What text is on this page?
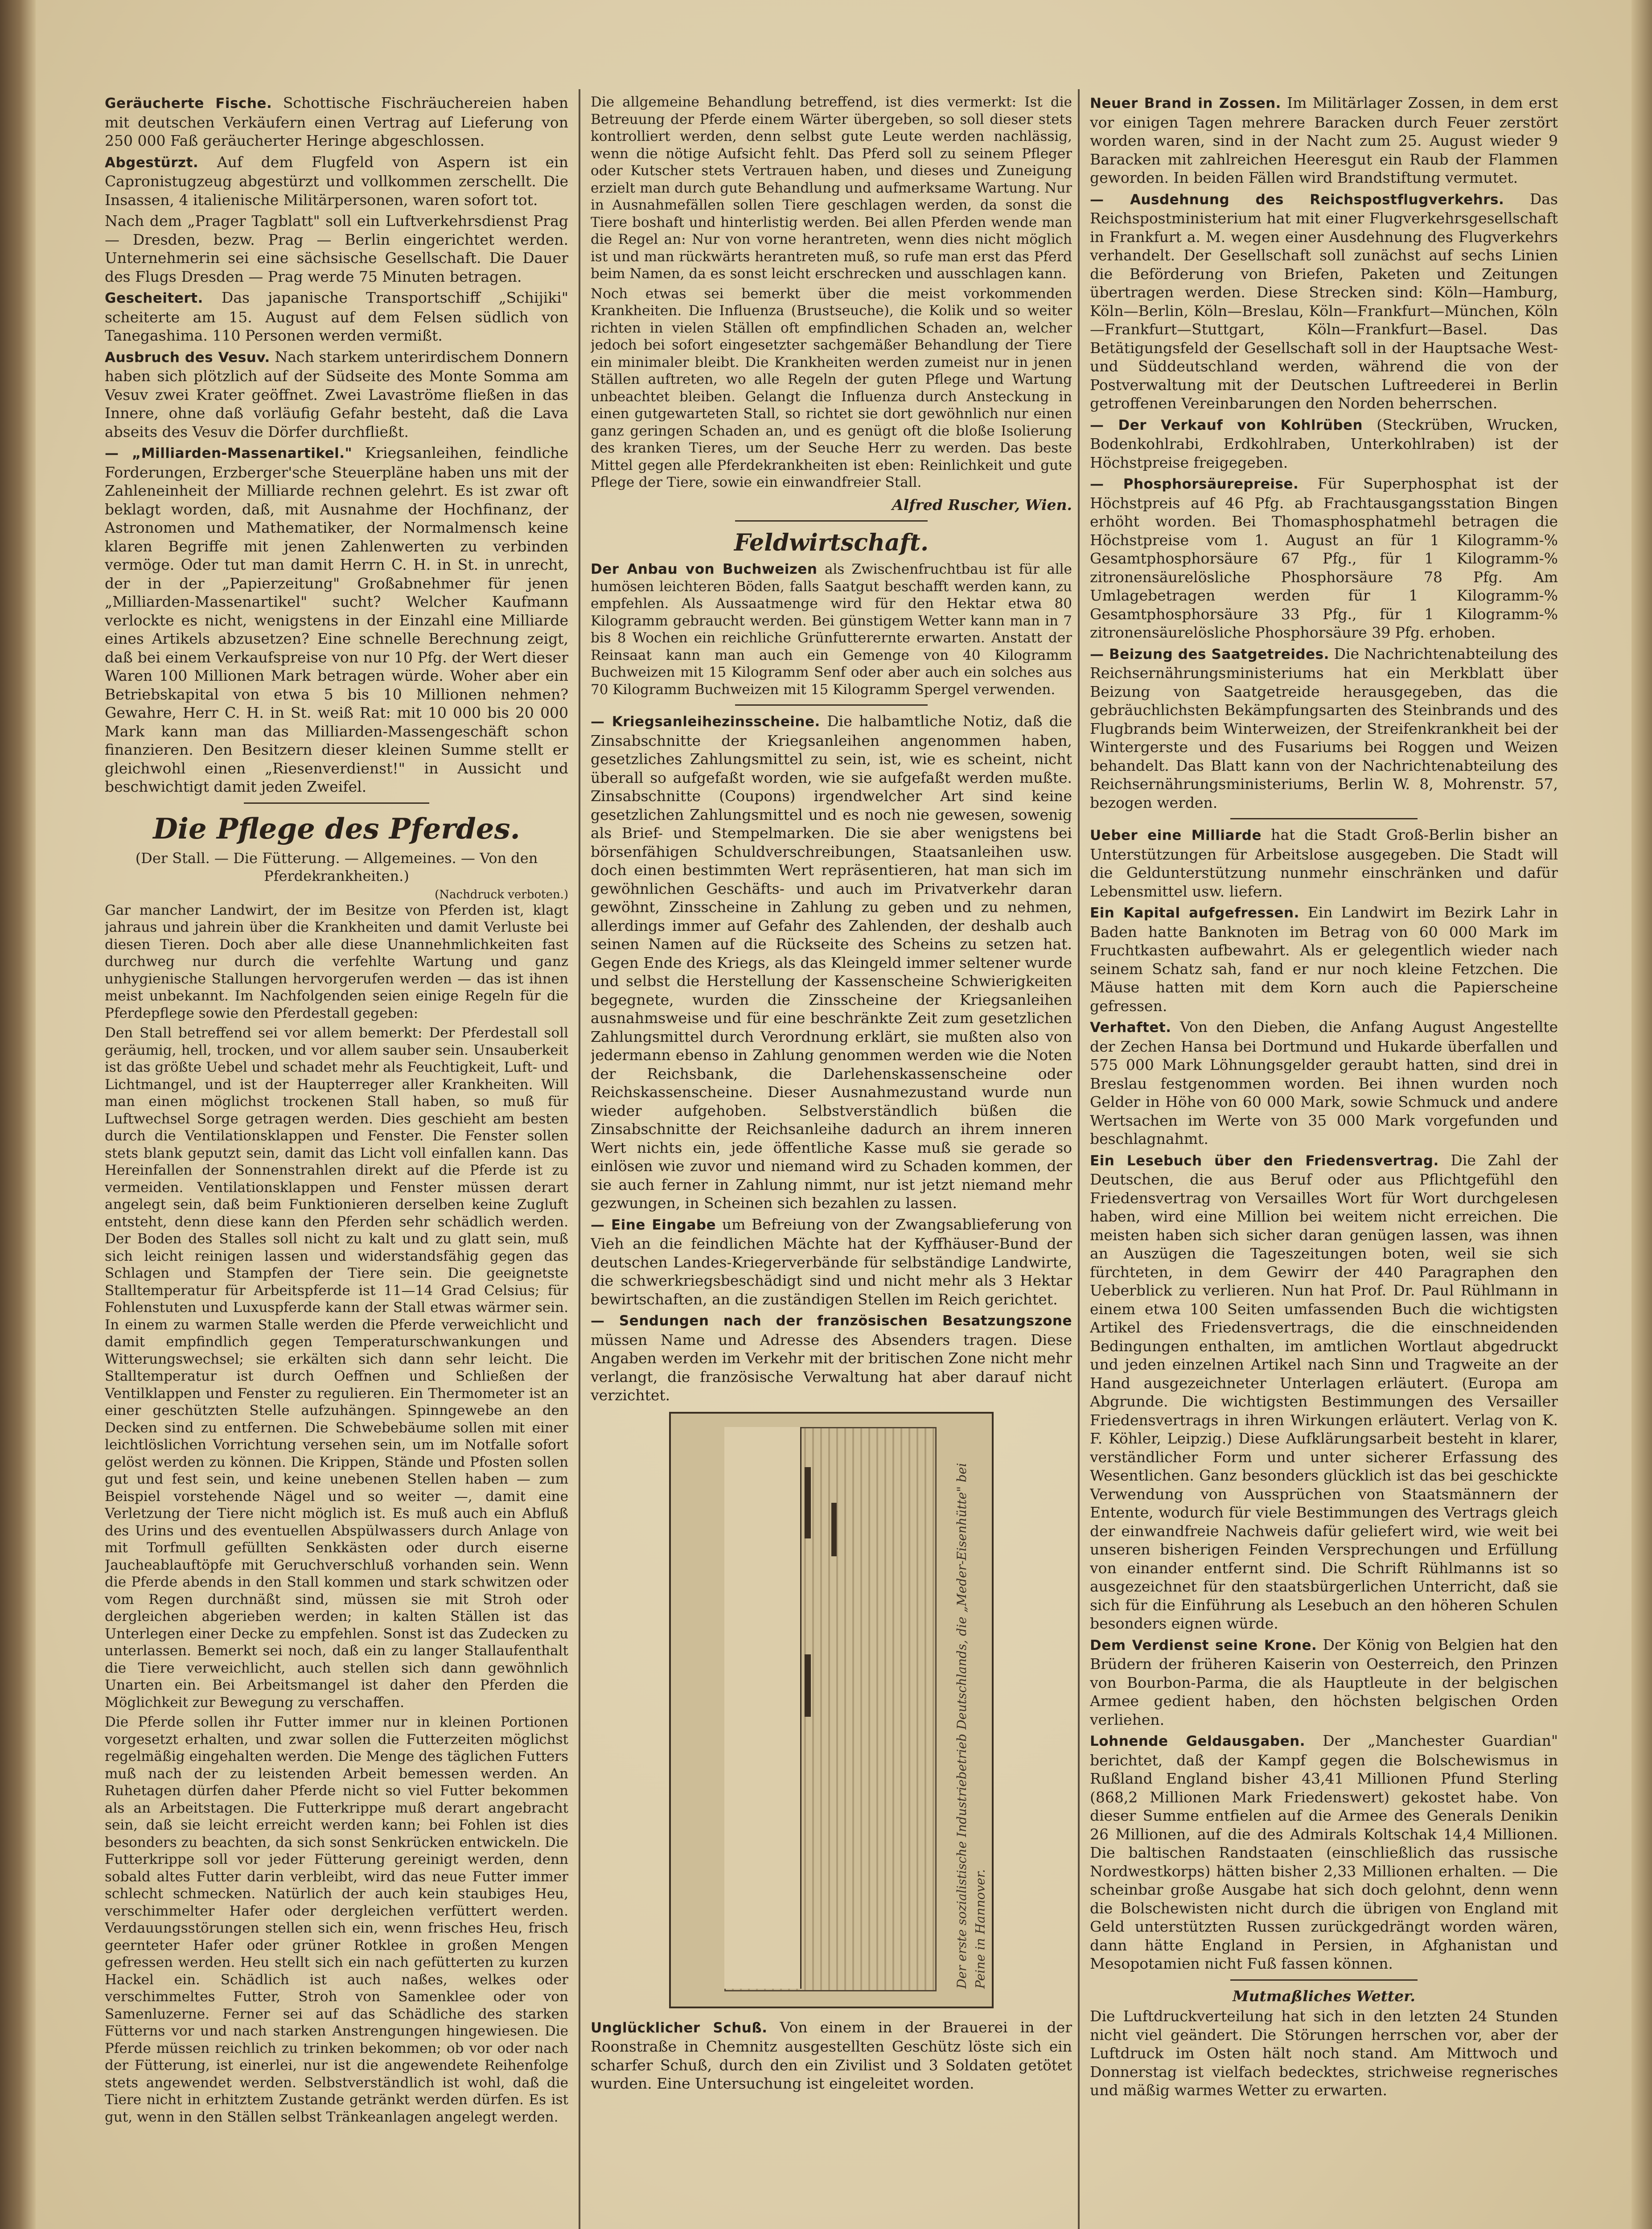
Geräucherte Fische. Schottische Fischräuchereien haben mit deutschen Verkäufern einen Vertrag auf Lieferung von 250 000 Faß geräucherter Heringe abgeschlossen.

Abgestürzt. Auf dem Flugfeld von Aspern ist ein Capronistugzeug abgestürzt und vollkommen zerschellt. Die Insassen, 4 italienische Militärpersonen, waren sofort tot.

Nach dem „Prager Tagblatt" soll ein Luftverkehrsdienst Prag — Dresden, bezw. Prag — Berlin eingerichtet werden. Unternehmerin sei eine sächsische Gesellschaft. Die Dauer des Flugs Dresden — Prag werde 75 Minuten betragen.

Gescheitert. Das japanische Transportschiff „Schijiki" scheiterte am 15. August auf dem Felsen südlich von Tanegashima. 110 Personen werden vermißt.

Ausbruch des Vesuv. Nach starkem unterirdischem Donnern haben sich plötzlich auf der Südseite des Monte Somma am Vesuv zwei Krater geöffnet. Zwei Lavaströme fließen in das Innere, ohne daß vorläufig Gefahr besteht, daß die Lava abseits des Vesuv die Dörfer durchfließt.

— „Milliarden-Massenartikel." Kriegsanleihen, feindliche Forderungen, Erzberger'sche Steuerpläne haben uns mit der Zahleneinheit der Milliarde rechnen gelehrt. Es ist zwar oft beklagt worden, daß, mit Ausnahme der Hochfinanz, der Astronomen und Mathematiker, der Normalmensch keine klaren Begriffe mit jenen Zahlenwerten zu verbinden vermöge. Oder tut man damit Herrn C. H. in St. in unrecht, der in der „Papierzeitung" Großabnehmer für jenen „Milliarden-Massenartikel" sucht? Welcher Kaufmann verlockte es nicht, wenigstens in der Einzahl eine Milliarde eines Artikels abzusetzen? Eine schnelle Berechnung zeigt, daß bei einem Verkaufspreise von nur 10 Pfg. der Wert dieser Waren 100 Millionen Mark betragen würde. Woher aber ein Betriebskapital von etwa 5 bis 10 Millionen nehmen? Gewahre, Herr C. H. in St. weiß Rat: mit 10 000 bis 20 000 Mark kann man das Milliarden-Massengeschäft schon finanzieren. Den Besitzern dieser kleinen Summe stellt er gleichwohl einen „Riesenverdienst!" in Aussicht und beschwichtigt damit jeden Zweifel.

Die Pflege des Pferdes.
(Der Stall. — Die Fütterung. — Allgemeines. — Von den Pferdekrankheiten.)
(Nachdruck verboten.)

Gar mancher Landwirt, der im Besitze von Pferden ist, klagt jahraus und jahrein über die Krankheiten und damit Verluste bei diesen Tieren. Doch aber alle diese Unannehmlichkeiten fast durchweg nur durch die verfehlte Wartung und ganz unhygienische Stallungen hervorgerufen werden — das ist ihnen meist unbekannt. Im Nachfolgenden seien einige Regeln für die Pferdepflege sowie den Pferdestall gegeben:

Den Stall betreffend sei vor allem bemerkt: Der Pferdestall soll geräumig, hell, trocken, und vor allem sauber sein. Unsauberkeit ist das größte Uebel und schadet mehr als Feuchtigkeit, Luft- und Lichtmangel, und ist der Haupterreger aller Krankheiten. Will man einen möglichst trockenen Stall haben, so muß für Luftwechsel Sorge getragen werden. Dies geschieht am besten durch die Ventilationsklappen und Fenster. Die Fenster sollen stets blank geputzt sein, damit das Licht voll einfallen kann. Das Hereinfallen der Sonnenstrahlen direkt auf die Pferde ist zu vermeiden. Ventilationsklappen und Fenster müssen derart angelegt sein, daß beim Funktionieren derselben keine Zugluft entsteht, denn diese kann den Pferden sehr schädlich werden. Der Boden des Stalles soll nicht zu kalt und zu glatt sein, muß sich leicht reinigen lassen und widerstandsfähig gegen das Schlagen und Stampfen der Tiere sein. Die geeignetste Stalltemperatur für Arbeitspferde ist 11—14 Grad Celsius; für Fohlenstuten und Luxuspferde kann der Stall etwas wärmer sein. In einem zu warmen Stalle werden die Pferde verweichlicht und damit empfindlich gegen Temperaturschwankungen und Witterungswechsel; sie erkälten sich dann sehr leicht. Die Stalltemperatur ist durch Oeffnen und Schließen der Ventilklappen und Fenster zu regulieren. Ein Thermometer ist an einer geschützten Stelle aufzuhängen. Spinngewebe an den Decken sind zu entfernen. Die Schwebebäume sollen mit einer leichtlöslichen Vorrichtung versehen sein, um im Notfalle sofort gelöst werden zu können. Die Krippen, Stände und Pfosten sollen gut und fest sein, und keine unebenen Stellen haben — zum Beispiel vorstehende Nägel und so weiter —, damit eine Verletzung der Tiere nicht möglich ist. Es muß auch ein Abfluß des Urins und des eventuellen Abspülwassers durch Anlage von mit Torfmull gefüllten Senkkästen oder durch eiserne Jaucheablauftöpfe mit Geruchverschluß vorhanden sein. Wenn die Pferde abends in den Stall kommen und stark schwitzen oder vom Regen durchnäßt sind, müssen sie mit Stroh oder dergleichen abgerieben werden; in kalten Ställen ist das Unterlegen einer Decke zu empfehlen. Sonst ist das Zudecken zu unterlassen. Bemerkt sei noch, daß ein zu langer Stallaufenthalt die Tiere verweichlicht, auch stellen sich dann gewöhnlich Unarten ein. Bei Arbeitsmangel ist daher den Pferden die Möglichkeit zur Bewegung zu verschaffen.

Die Pferde sollen ihr Futter immer nur in kleinen Portionen vorgesetzt erhalten, und zwar sollen die Futterzeiten möglichst regelmäßig eingehalten werden. Die Menge des täglichen Futters muß nach der zu leistenden Arbeit bemessen werden. An Ruhetagen dürfen daher Pferde nicht so viel Futter bekommen als an Arbeitstagen. Die Futterkrippe muß derart angebracht sein, daß sie leicht erreicht werden kann; bei Fohlen ist dies besonders zu beachten, da sich sonst Senkrücken entwickeln. Die Futterkrippe soll vor jeder Fütterung gereinigt werden, denn sobald altes Futter darin verbleibt, wird das neue Futter immer schlecht schmecken. Natürlich der auch kein staubiges Heu, verschimmelter Hafer oder dergleichen verfüttert werden. Verdauungsstörungen stellen sich ein, wenn frisches Heu, frisch geernteter Hafer oder grüner Rotklee in großen Mengen gefressen werden. Heu stellt sich ein nach gefütterten zu kurzen Hackel ein. Schädlich ist auch naßes, welkes oder verschimmeltes Futter, Stroh von Samenklee oder von Samenluzerne. Ferner sei auf das Schädliche des starken Fütterns vor und nach starken Anstrengungen hingewiesen. Die Pferde müssen reichlich zu trinken bekommen; ob vor oder nach der Fütterung, ist einerlei, nur ist die angewendete Reihenfolge stets angewendet werden. Selbstverständlich ist wohl, daß die Tiere nicht in erhitztem Zustande getränkt werden dürfen. Es ist gut, wenn in den Ställen selbst Tränkeanlagen angelegt werden.

Die allgemeine Behandlung betreffend, ist dies vermerkt: Ist die Betreuung der Pferde einem Wärter übergeben, so soll dieser stets kontrolliert werden, denn selbst gute Leute werden nachlässig, wenn die nötige Aufsicht fehlt. Das Pferd soll zu seinem Pfleger oder Kutscher stets Vertrauen haben, und dieses und Zuneigung erzielt man durch gute Behandlung und aufmerksame Wartung. Nur in Ausnahmefällen sollen Tiere geschlagen werden, da sonst die Tiere boshaft und hinterlistig werden. Bei allen Pferden wende man die Regel an: Nur von vorne herantreten, wenn dies nicht möglich ist und man rückwärts herantreten muß, so rufe man erst das Pferd beim Namen, da es sonst leicht erschrecken und ausschlagen kann.

Noch etwas sei bemerkt über die meist vorkommenden Krankheiten. Die Influenza (Brustseuche), die Kolik und so weiter richten in vielen Ställen oft empfindlichen Schaden an, welcher jedoch bei sofort eingesetzter sachgemäßer Behandlung der Tiere ein minimaler bleibt. Die Krankheiten werden zumeist nur in jenen Ställen auftreten, wo alle Regeln der guten Pflege und Wartung unbeachtet bleiben. Gelangt die Influenza durch Ansteckung in einen gutgewarteten Stall, so richtet sie dort gewöhnlich nur einen ganz geringen Schaden an, und es genügt oft die bloße Isolierung des kranken Tieres, um der Seuche Herr zu werden. Das beste Mittel gegen alle Pferdekrankheiten ist eben: Reinlichkeit und gute Pflege der Tiere, sowie ein einwandfreier Stall.

Alfred Ruscher, Wien.
Feldwirtschaft.

Der Anbau von Buchweizen als Zwischenfruchtbau ist für alle humösen leichteren Böden, falls Saatgut beschafft werden kann, zu empfehlen. Als Aussaatmenge wird für den Hektar etwa 80 Kilogramm gebraucht werden. Bei günstigem Wetter kann man in 7 bis 8 Wochen ein reichliche Grünfutterernte erwarten. Anstatt der Reinsaat kann man auch ein Gemenge von 40 Kilogramm Buchweizen mit 15 Kilogramm Senf oder aber auch ein solches aus 70 Kilogramm Buchweizen mit 15 Kilogramm Spergel verwenden.

— Kriegsanleihezinsscheine. Die halbamtliche Notiz, daß die Zinsabschnitte der Kriegsanleihen angenommen haben, gesetzliches Zahlungsmittel zu sein, ist, wie es scheint, nicht überall so aufgefaßt worden, wie sie aufgefaßt werden mußte. Zinsabschnitte (Coupons) irgendwelcher Art sind keine gesetzlichen Zahlungsmittel und es noch nie gewesen, sowenig als Brief- und Stempelmarken. Die sie aber wenigstens bei börsenfähigen Schuldverschreibungen, Staatsanleihen usw. doch einen bestimmten Wert repräsentieren, hat man sich im gewöhnlichen Geschäfts- und auch im Privatverkehr daran gewöhnt, Zinsscheine in Zahlung zu geben und zu nehmen, allerdings immer auf Gefahr des Zahlenden, der deshalb auch seinen Namen auf die Rückseite des Scheins zu setzen hat. Gegen Ende des Kriegs, als das Kleingeld immer seltener wurde und selbst die Herstellung der Kassenscheine Schwierigkeiten begegnete, wurden die Zinsscheine der Kriegsanleihen ausnahmsweise und für eine beschränkte Zeit zum gesetzlichen Zahlungsmittel durch Verordnung erklärt, sie mußten also von jedermann ebenso in Zahlung genommen werden wie die Noten der Reichsbank, die Darlehenskassenscheine oder Reichskassenscheine. Dieser Ausnahmezustand wurde nun wieder aufgehoben. Selbstverständlich büßen die Zinsabschnitte der Reichsanleihe dadurch an ihrem inneren Wert nichts ein, jede öffentliche Kasse muß sie gerade so einlösen wie zuvor und niemand wird zu Schaden kommen, der sie auch ferner in Zahlung nimmt, nur ist jetzt niemand mehr gezwungen, in Scheinen sich bezahlen zu lassen.

— Eine Eingabe um Befreiung von der Zwangsablieferung von Vieh an die feindlichen Mächte hat der Kyffhäuser-Bund der deutschen Landes-Kriegerverbände für selbständige Landwirte, die schwerkriegsbeschädigt sind und nicht mehr als 3 Hektar bewirtschaften, an die zuständigen Stellen im Reich gerichtet.

— Sendungen nach der französischen Besatzungszone müssen Name und Adresse des Absenders tragen. Diese Angaben werden im Verkehr mit der britischen Zone nicht mehr verlangt, die französische Verwaltung hat aber darauf nicht verzichtet.

Der erste sozialistische Industriebetrieb Deutschlands, die „Meder-Eisenhütte" bei Peine in Hannover.

Unglücklicher Schuß. Von einem in der Brauerei in der Roonstraße in Chemnitz ausgestellten Geschütz löste sich ein scharfer Schuß, durch den ein Zivilist und 3 Soldaten getötet wurden. Eine Untersuchung ist eingeleitet worden.

Neuer Brand in Zossen. Im Militärlager Zossen, in dem erst vor einigen Tagen mehrere Baracken durch Feuer zerstört worden waren, sind in der Nacht zum 25. August wieder 9 Baracken mit zahlreichen Heeresgut ein Raub der Flammen geworden. In beiden Fällen wird Brandstiftung vermutet.

— Ausdehnung des Reichspostflugverkehrs. Das Reichspostministerium hat mit einer Flugverkehrsgesellschaft in Frankfurt a. M. wegen einer Ausdehnung des Flugverkehrs verhandelt. Der Gesellschaft soll zunächst auf sechs Linien die Beförderung von Briefen, Paketen und Zeitungen übertragen werden. Diese Strecken sind: Köln—Hamburg, Köln—Berlin, Köln—Breslau, Köln—Frankfurt—München, Köln—Frankfurt—Stuttgart, Köln—Frankfurt—Basel. Das Betätigungsfeld der Gesellschaft soll in der Hauptsache West- und Süddeutschland werden, während die von der Postverwaltung mit der Deutschen Luftreederei in Berlin getroffenen Vereinbarungen den Norden beherrschen.

— Der Verkauf von Kohlrüben (Steckrüben, Wrucken, Bodenkohlrabi, Erdkohlraben, Unterkohlraben) ist der Höchstpreise freigegeben.

— Phosphorsäurepreise. Für Superphosphat ist der Höchstpreis auf 46 Pfg. ab Frachtausgangsstation Bingen erhöht worden. Bei Thomasphosphatmehl betragen die Höchstpreise vom 1. August an für 1 Kilogramm-% Gesamtphosphorsäure 67 Pfg., für 1 Kilogramm-% zitronensäurelösliche Phosphorsäure 78 Pfg. Am Umlagebetragen werden für 1 Kilogramm-% Gesamtphosphorsäure 33 Pfg., für 1 Kilogramm-% zitronensäurelösliche Phosphorsäure 39 Pfg. erhoben.

— Beizung des Saatgetreides. Die Nachrichtenabteilung des Reichsernährungsministeriums hat ein Merkblatt über Beizung von Saatgetreide herausgegeben, das die gebräuchlichsten Bekämpfungsarten des Steinbrands und des Flugbrands beim Winterweizen, der Streifenkrankheit bei der Wintergerste und des Fusariums bei Roggen und Weizen behandelt. Das Blatt kann von der Nachrichtenabteilung des Reichsernährungsministeriums, Berlin W. 8, Mohrenstr. 57, bezogen werden.

Ueber eine Milliarde hat die Stadt Groß-Berlin bisher an Unterstützungen für Arbeitslose ausgegeben. Die Stadt will die Geldunterstützung nunmehr einschränken und dafür Lebensmittel usw. liefern.

Ein Kapital aufgefressen. Ein Landwirt im Bezirk Lahr in Baden hatte Banknoten im Betrag von 60 000 Mark im Fruchtkasten aufbewahrt. Als er gelegentlich wieder nach seinem Schatz sah, fand er nur noch kleine Fetzchen. Die Mäuse hatten mit dem Korn auch die Papierscheine gefressen.

Verhaftet. Von den Dieben, die Anfang August Angestellte der Zechen Hansa bei Dortmund und Hukarde überfallen und 575 000 Mark Löhnungsgelder geraubt hatten, sind drei in Breslau festgenommen worden. Bei ihnen wurden noch Gelder in Höhe von 60 000 Mark, sowie Schmuck und andere Wertsachen im Werte von 35 000 Mark vorgefunden und beschlagnahmt.

Ein Lesebuch über den Friedensvertrag. Die Zahl der Deutschen, die aus Beruf oder aus Pflichtgefühl den Friedensvertrag von Versailles Wort für Wort durchgelesen haben, wird eine Million bei weitem nicht erreichen. Die meisten haben sich sicher daran genügen lassen, was ihnen an Auszügen die Tageszeitungen boten, weil sie sich fürchteten, in dem Gewirr der 440 Paragraphen den Ueberblick zu verlieren. Nun hat Prof. Dr. Paul Rühlmann in einem etwa 100 Seiten umfassenden Buch die wichtigsten Artikel des Friedensvertrags, die die einschneidenden Bedingungen enthalten, im amtlichen Wortlaut abgedruckt und jeden einzelnen Artikel nach Sinn und Tragweite an der Hand ausgezeichneter Unterlagen erläutert. (Europa am Abgrunde. Die wichtigsten Bestimmungen des Versailler Friedensvertrags in ihren Wirkungen erläutert. Verlag von K. F. Köhler, Leipzig.) Diese Aufklärungsarbeit besteht in klarer, verständlicher Form und unter sicherer Erfassung des Wesentlichen. Ganz besonders glücklich ist das bei geschickte Verwendung von Aussprüchen von Staatsmännern der Entente, wodurch für viele Bestimmungen des Vertrags gleich der einwandfreie Nachweis dafür geliefert wird, wie weit bei unseren bisherigen Feinden Versprechungen und Erfüllung von einander entfernt sind. Die Schrift Rühlmanns ist so ausgezeichnet für den staatsbürgerlichen Unterricht, daß sie sich für die Einführung als Lesebuch an den höheren Schulen besonders eignen würde.

Dem Verdienst seine Krone. Der König von Belgien hat den Brüdern der früheren Kaiserin von Oesterreich, den Prinzen von Bourbon-Parma, die als Hauptleute in der belgischen Armee gedient haben, den höchsten belgischen Orden verliehen.

Lohnende Geldausgaben. Der „Manchester Guardian" berichtet, daß der Kampf gegen die Bolschewismus in Rußland England bisher 43,41 Millionen Pfund Sterling (868,2 Millionen Mark Friedenswert) gekostet habe. Von dieser Summe entfielen auf die Armee des Generals Denikin 26 Millionen, auf die des Admirals Koltschak 14,4 Millionen. Die baltischen Randstaaten (einschließlich das russische Nordwestkorps) hätten bisher 2,33 Millionen erhalten. — Die scheinbar große Ausgabe hat sich doch gelohnt, denn wenn die Bolschewisten nicht durch die übrigen von England mit Geld unterstützten Russen zurückgedrängt worden wären, dann hätte England in Persien, in Afghanistan und Mesopotamien nicht Fuß fassen können.

Mutmaßliches Wetter.

Die Luftdruckverteilung hat sich in den letzten 24 Stunden nicht viel geändert. Die Störungen herrschen vor, aber der Luftdruck im Osten hält noch stand. Am Mittwoch und Donnerstag ist vielfach bedecktes, strichweise regnerisches und mäßig warmes Wetter zu erwarten.
